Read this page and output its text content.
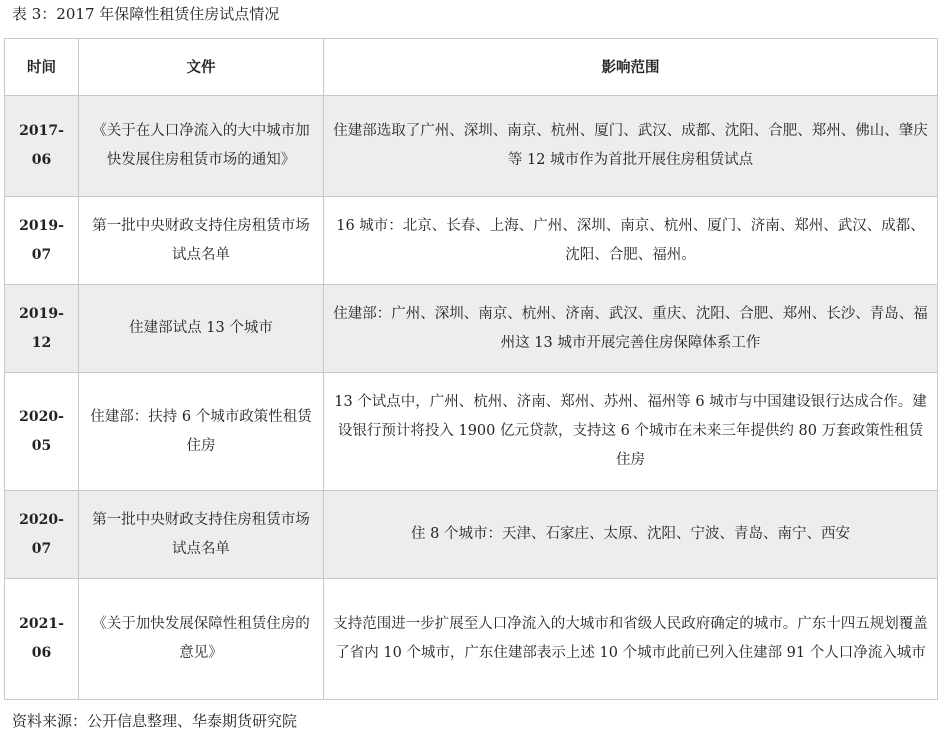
表 3：2017 年保障性租赁住房试点情况
时间	文件	影响范围
2017-06	《关于在人口净流入的大中城市加快发展住房租赁市场的通知》	住建部选取了广州、深圳、南京、杭州、厦门、武汉、成都、沈阳、合肥、郑州、佛山、肇庆等 12 城市作为首批开展住房租赁试点
2019-07	第一批中央财政支持住房租赁市场试点名单	16 城市：北京、长春、上海、广州、深圳、南京、杭州、厦门、济南、郑州、武汉、成都、沈阳、合肥、福州。
2019-12	住建部试点 13 个城市	住建部：广州、深圳、南京、杭州、济南、武汉、重庆、沈阳、合肥、郑州、长沙、青岛、福州这 13 城市开展完善住房保障体系工作
2020-05	住建部：扶持 6 个城市政策性租赁住房	13 个试点中，广州、杭州、济南、郑州、苏州、福州等 6 城市与中国建设银行达成合作。建设银行预计将投入 1900 亿元贷款，支持这 6 个城市在未来三年提供约 80 万套政策性租赁住房
2020-07	第一批中央财政支持住房租赁市场试点名单	住 8 个城市：天津、石家庄、太原、沈阳、宁波、青岛、南宁、西安
2021-06	《关于加快发展保障性租赁住房的意见》	支持范围进一步扩展至人口净流入的大城市和省级人民政府确定的城市。广东十四五规划覆盖了省内 10 个城市，广东住建部表示上述 10 个城市此前已列入住建部 91 个人口净流入城市
资料来源：公开信息整理、华泰期货研究院
